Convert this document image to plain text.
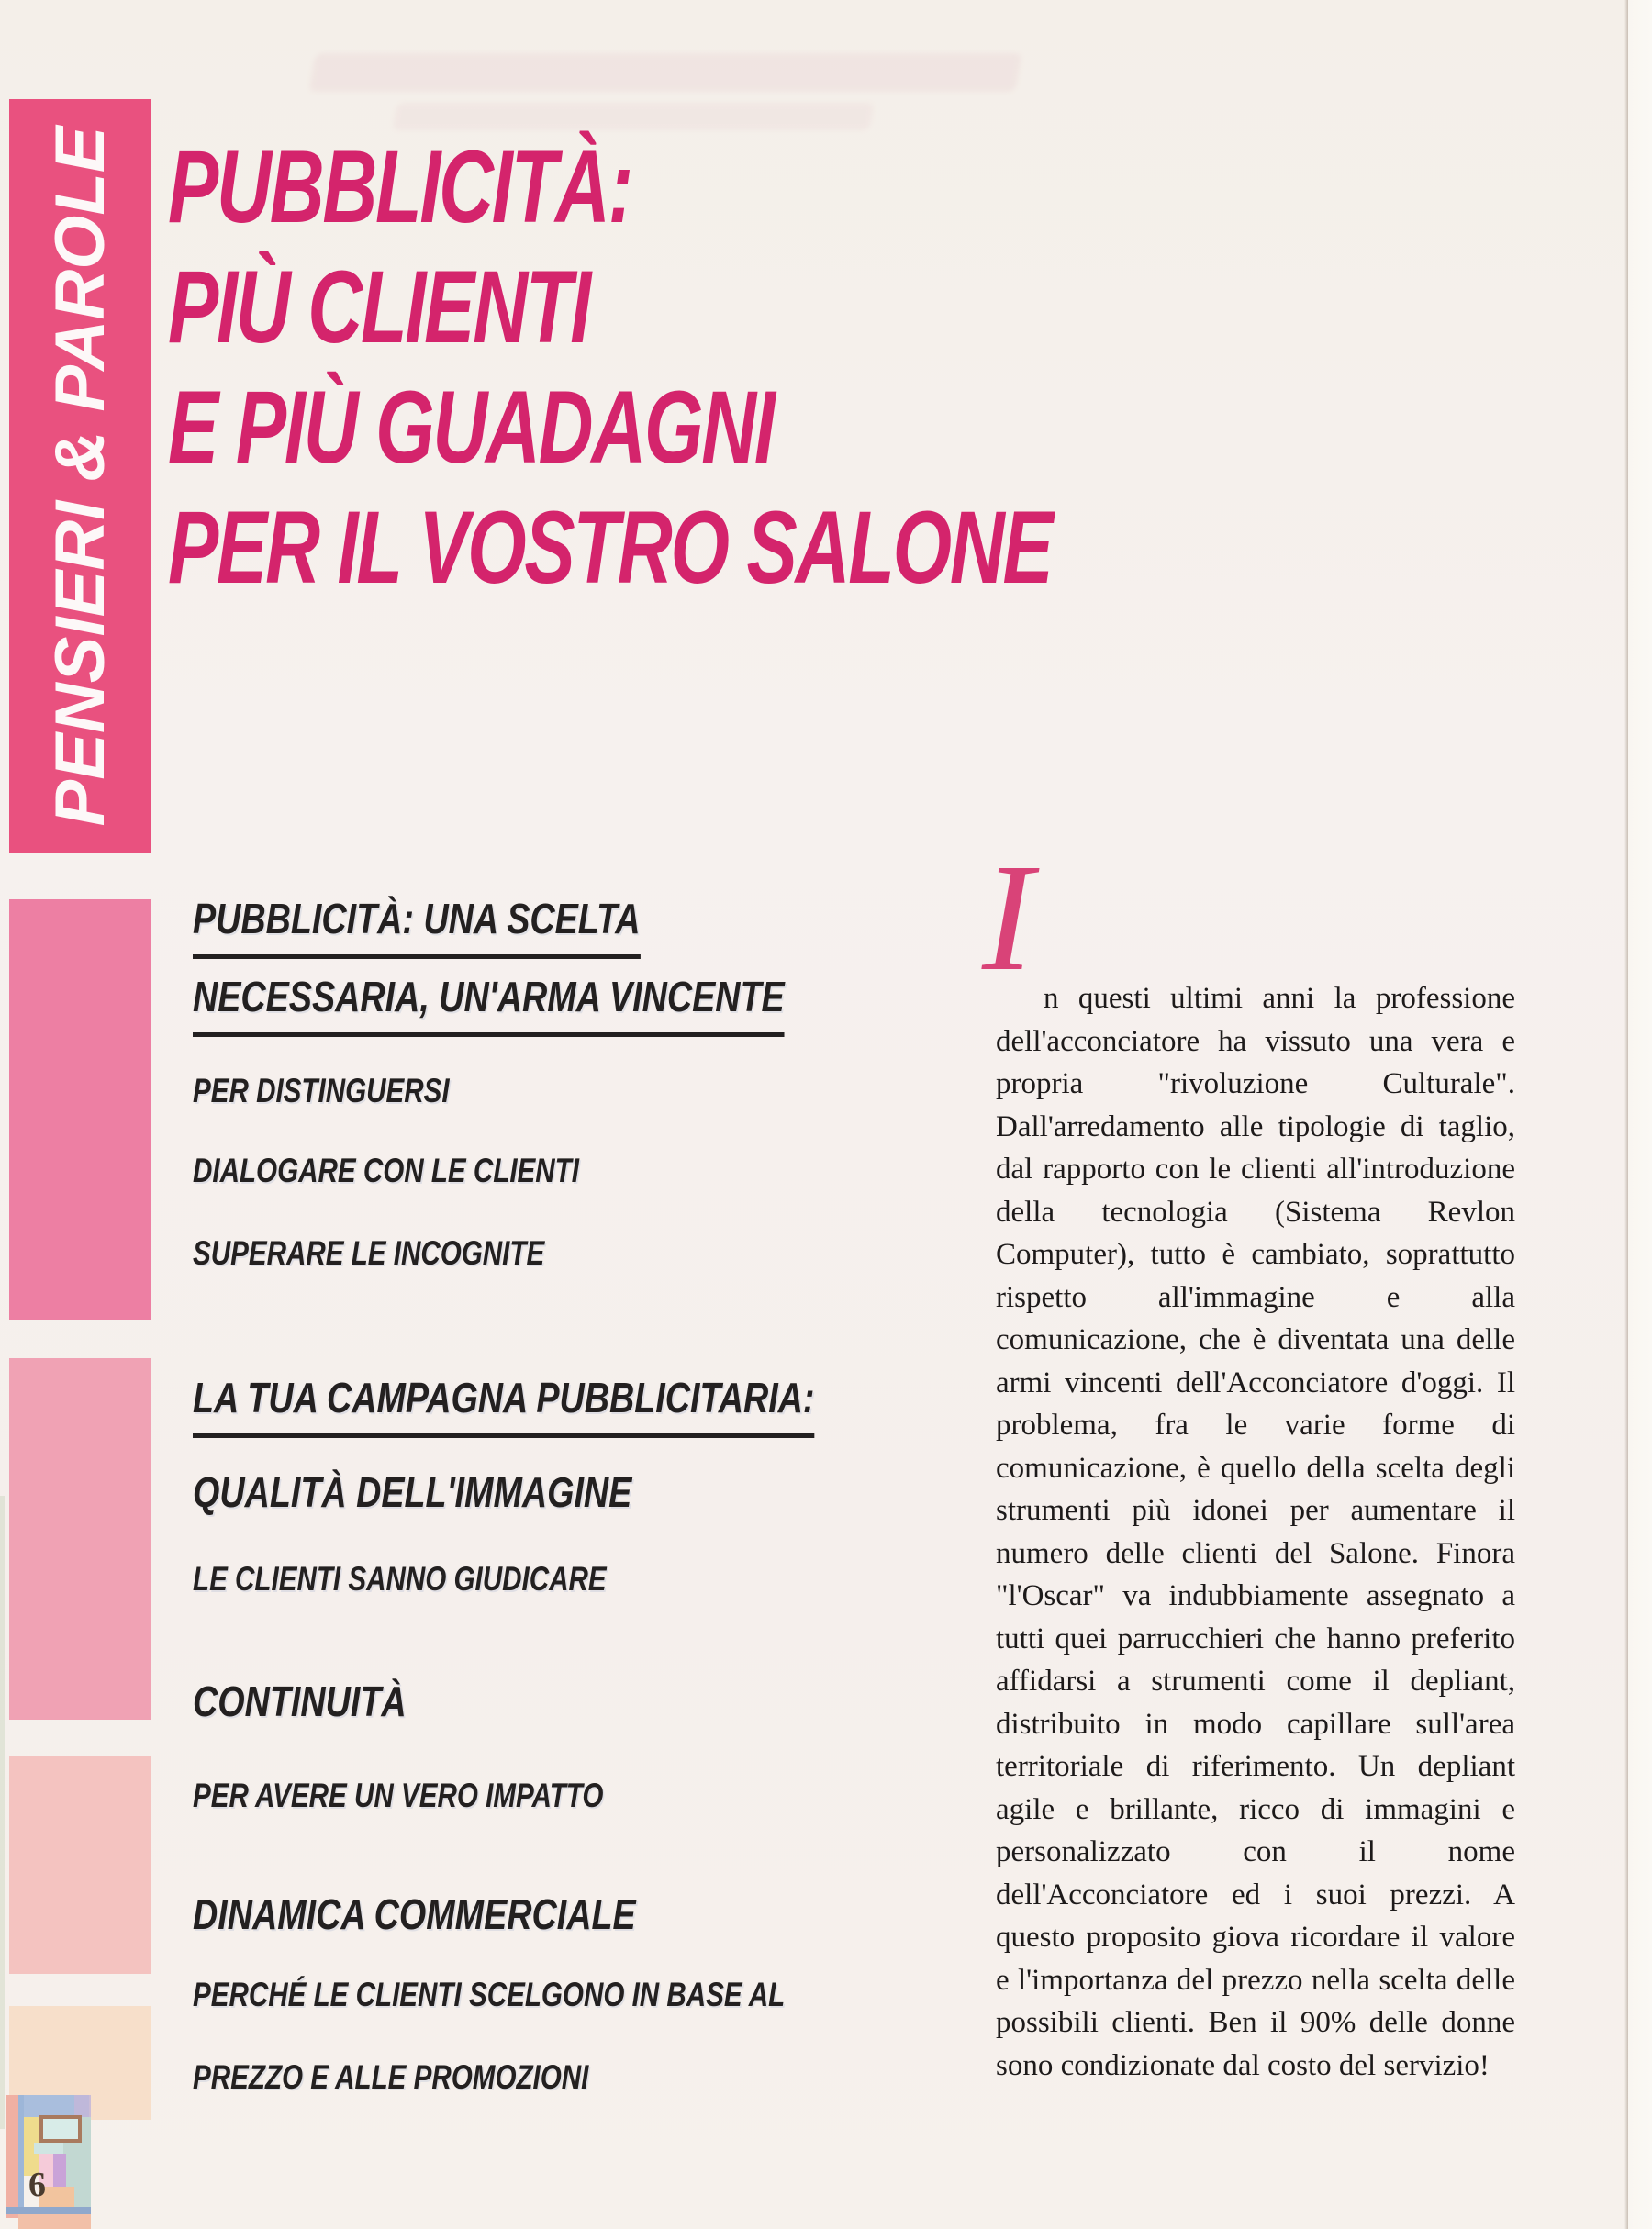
PENSIERI & PAROLE PUBBLICITÀ:
PIÙ CLIENTI
E PIÙ GUADAGNI
PER IL VOSTRO SALONE
PUBBLICITÀ: UNA SCELTA
NECESSARIA, UN'ARMA VINCENTE
PER DISTINGUERSI
DIALOGARE CON LE CLIENTI
SUPERARE LE INCOGNITE
LA TUA CAMPAGNA PUBBLICITARIA:
QUALITÀ DELL'IMMAGINE
LE CLIENTI SANNO GIUDICARE
CONTINUITÀ
PER AVERE UN VERO IMPATTO
DINAMICA COMMERCIALE
PERCHÉ LE CLIENTI SCELGONO IN BASE AL
PREZZO E ALLE PROMOZIONI
I n questi ultimi anni la professione dell'acconciatore ha vissuto una vera e propria "rivoluzione Culturale". Dall'arredamento alle tipologie di taglio, dal rapporto con le clienti all'introduzione della tecnologia (Sistema Revlon Computer), tutto è cambiato, soprattutto rispetto all'immagine e alla comunicazione, che è diventata una delle armi vincenti dell'Acconciatore d'oggi. Il problema, fra le varie forme di comunicazione, è quello della scelta degli strumenti più idonei per aumentare il numero delle clienti del Salone. Finora "l'Oscar" va indubbiamente assegnato a tutti quei parrucchieri che hanno preferito affidarsi a strumenti come il depliant, distribuito in modo capillare sull'area territoriale di riferimento. Un depliant agile e brillante, ricco di immagini e personalizzato con il nome dell'Acconciatore ed i suoi prezzi. A questo proposito giova ricordare il valore e l'importanza del prezzo nella scelta delle possibili clienti. Ben il 90% delle donne sono condizionate dal costo del servizio!

6
